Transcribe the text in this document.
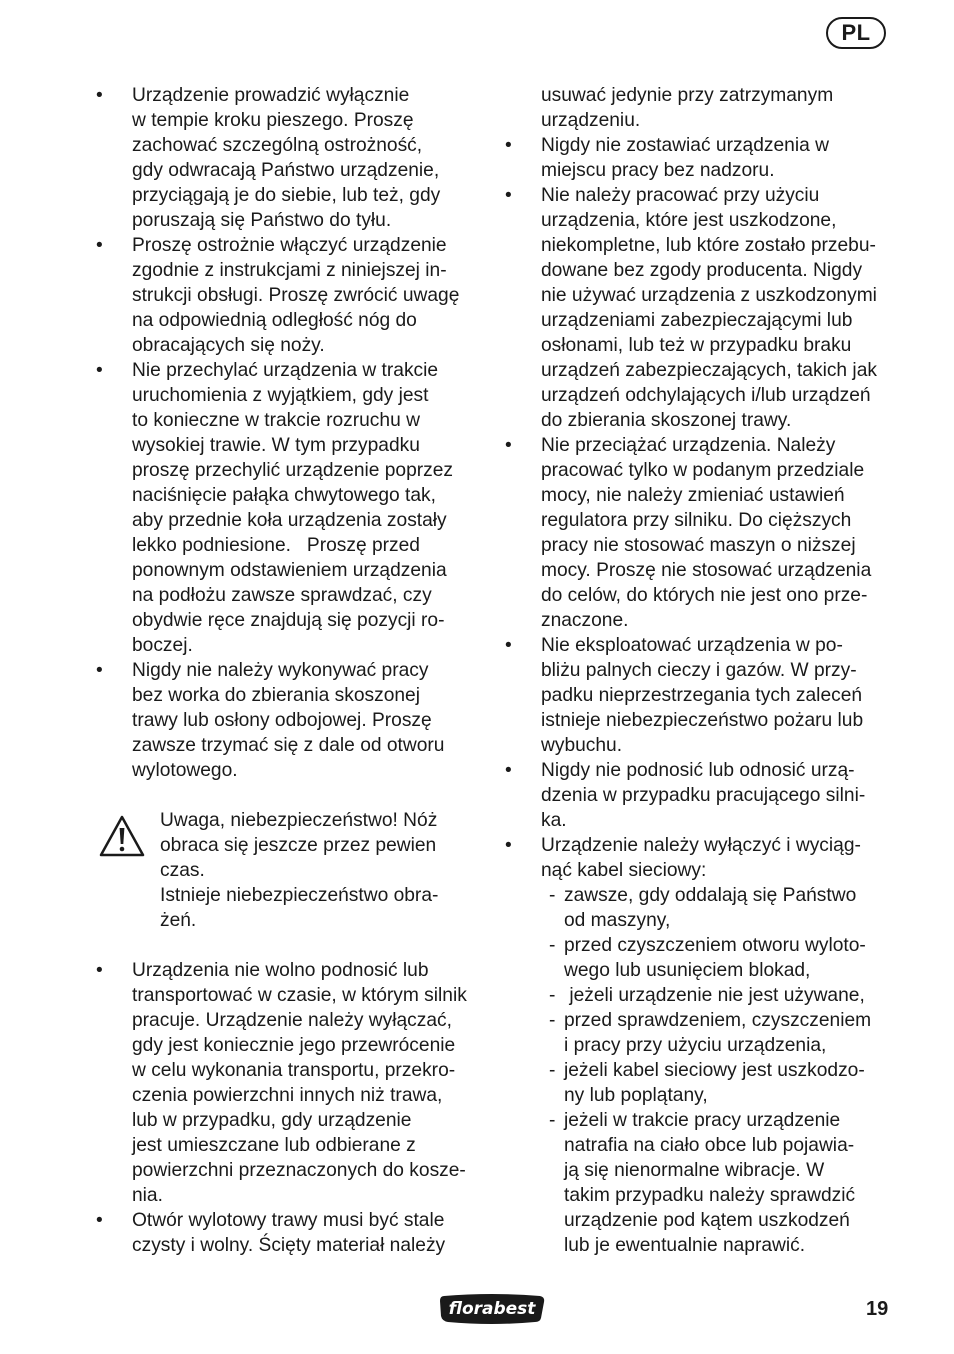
PL
• Urządzenie prowadzić wyłącznie
w tempie kroku pieszego. Proszę
zachować szczególną ostrożność,
gdy odwracają Państwo urządzenie,
przyciągają je do siebie, lub też, gdy
poruszają się Państwo do tyłu.
• Proszę ostrożnie włączyć urządzenie
zgodnie z instrukcjami z niniejszej in-
strukcji obsługi. Proszę zwrócić uwagę
na odpowiednią odległość nóg do
obracających się noży.
• Nie przechylać urządzenia w trakcie
uruchomienia z wyjątkiem, gdy jest
to konieczne w trakcie rozruchu w
wysokiej trawie. W tym przypadku
proszę przechylić urządzenie poprzez
naciśnięcie pałąka chwytowego tak,
aby przednie koła urządzenia zostały
lekko podniesione.   Proszę przed
ponownym odstawieniem urządzenia
na podłożu zawsze sprawdzać, czy
obydwie ręce znajdują się pozycji ro-
boczej.
• Nigdy nie należy wykonywać pracy
bez worka do zbierania skoszonej
trawy lub osłony odbojowej. Proszę
zawsze trzymać się z dale od otworu
wylotowego.

Uwaga, niebezpieczeństwo! Nóż

obraca się jeszcze przez pewien

czas.

Istnieje niebezpieczeństwo obra-

żeń.

• Urządzenia nie wolno podnosić lub
transportować w czasie, w którym silnik
pracuje. Urządzenie należy wyłączać,
gdy jest koniecznie jego przewrócenie
w celu wykonania transportu, przekro-
czenia powierzchni innych niż trawa,
lub w przypadku, gdy urządzenie
jest umieszczane lub odbierane z
powierzchni przeznaczonych do kosze-
nia.
• Otwór wylotowy trawy musi być stale
czysty i wolny. Ścięty materiał należy
usuwać jedynie przy zatrzymanym
urządzeniu.
• Nigdy nie zostawiać urządzenia w
miejscu pracy bez nadzoru.
• Nie należy pracować przy użyciu
urządzenia, które jest uszkodzone,
niekompletne, lub które zostało przebu-
dowane bez zgody producenta. Nigdy
nie używać urządzenia z uszkodzonymi
urządzeniami zabezpieczającymi lub
osłonami, lub też w przypadku braku
urządzeń zabezpieczających, takich jak
urządzeń odchylających i/lub urządzeń
do zbierania skoszonej trawy.
• Nie przeciążać urządzenia. Należy
pracować tylko w podanym przedziale
mocy, nie należy zmieniać ustawień
regulatora przy silniku. Do cięższych
pracy nie stosować maszyn o niższej
mocy. Proszę nie stosować urządzenia
do celów, do których nie jest ono prze-
znaczone.
• Nie eksploatować urządzenia w po-
bliżu palnych cieczy i gazów. W przy-
padku nieprzestrzegania tych zaleceń
istnieje niebezpieczeństwo pożaru lub
wybuchu.
• Nigdy nie podnosić lub odnosić urzą-
dzenia w przypadku pracującego silni-
ka.
• Urządzenie należy wyłączyć i wyciąg-
nąć kabel sieciowy:
- zawsze, gdy oddalają się Państwo
od maszyny,
- przed czyszczeniem otworu wyloto-
wego lub usunięciem blokad,
-  jeżeli urządzenie nie jest używane,
- przed sprawdzeniem, czyszczeniem
i pracy przy użyciu urządzenia,
- jeżeli kabel sieciowy jest uszkodzo-
ny lub poplątany,
- jeżeli w trakcie pracy urządzenie
natrafia na ciało obce lub pojawia-
ją się nienormalne wibracje. W
takim przypadku należy sprawdzić
urządzenie pod kątem uszkodzeń
lub je ewentualnie naprawić.
florabest	19
